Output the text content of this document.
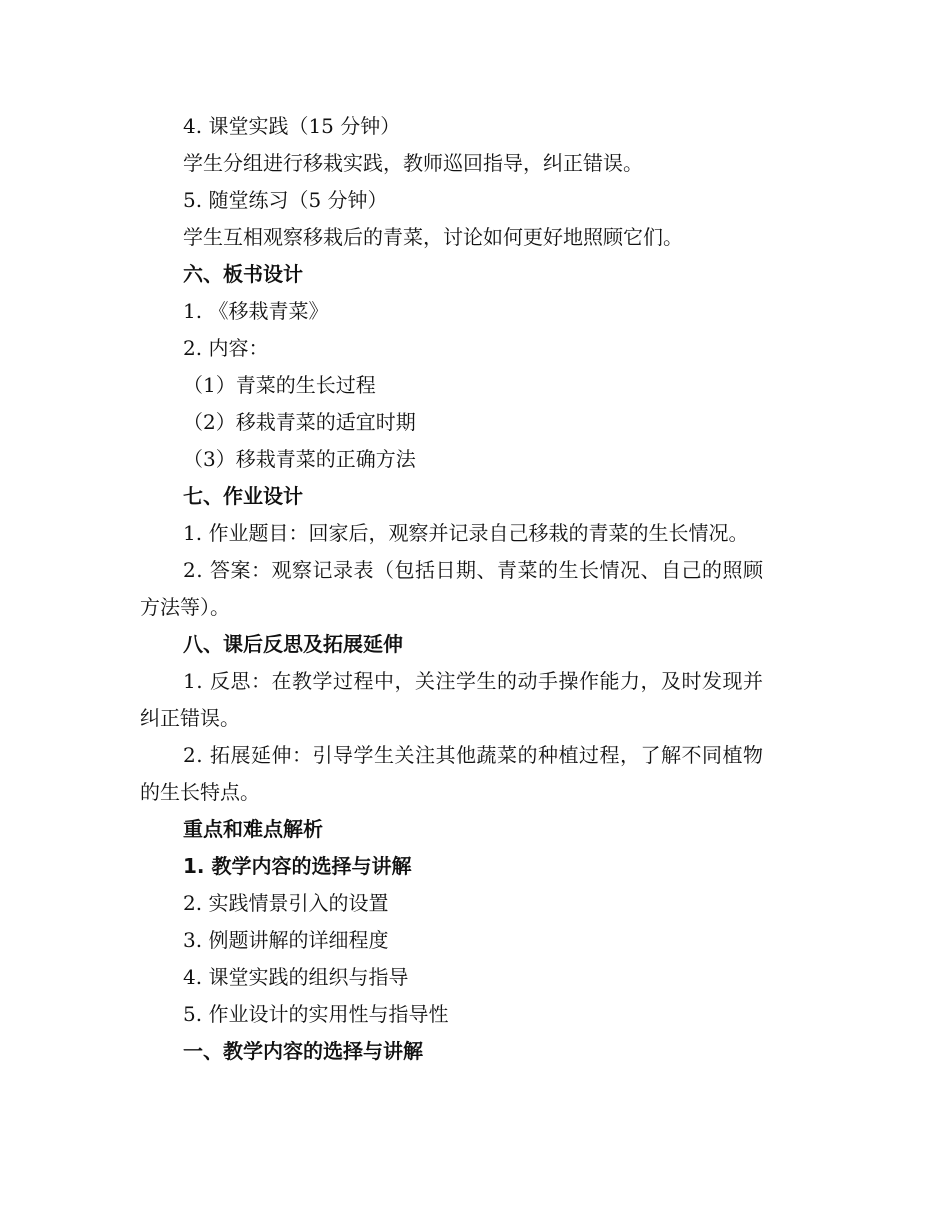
4. 课堂实践（15 分钟）
学生分组进行移栽实践，教师巡回指导，纠正错误。
5. 随堂练习（5 分钟）
学生互相观察移栽后的青菜，讨论如何更好地照顾它们。
六、板书设计
1. 《移栽青菜》
2. 内容：
（1）青菜的生长过程
（2）移栽青菜的适宜时期
（3）移栽青菜的正确方法
七、作业设计
1. 作业题目：回家后，观察并记录自己移栽的青菜的生长情况。
2. 答案：观察记录表（包括日期、青菜的生长情况、自己的照顾
方法等）。
八、课后反思及拓展延伸
1. 反思：在教学过程中，关注学生的动手操作能力，及时发现并
纠正错误。
2. 拓展延伸：引导学生关注其他蔬菜的种植过程，了解不同植物
的生长特点。
重点和难点解析
1. 教学内容的选择与讲解
2. 实践情景引入的设置
3. 例题讲解的详细程度
4. 课堂实践的组织与指导
5. 作业设计的实用性与指导性
一、教学内容的选择与讲解
